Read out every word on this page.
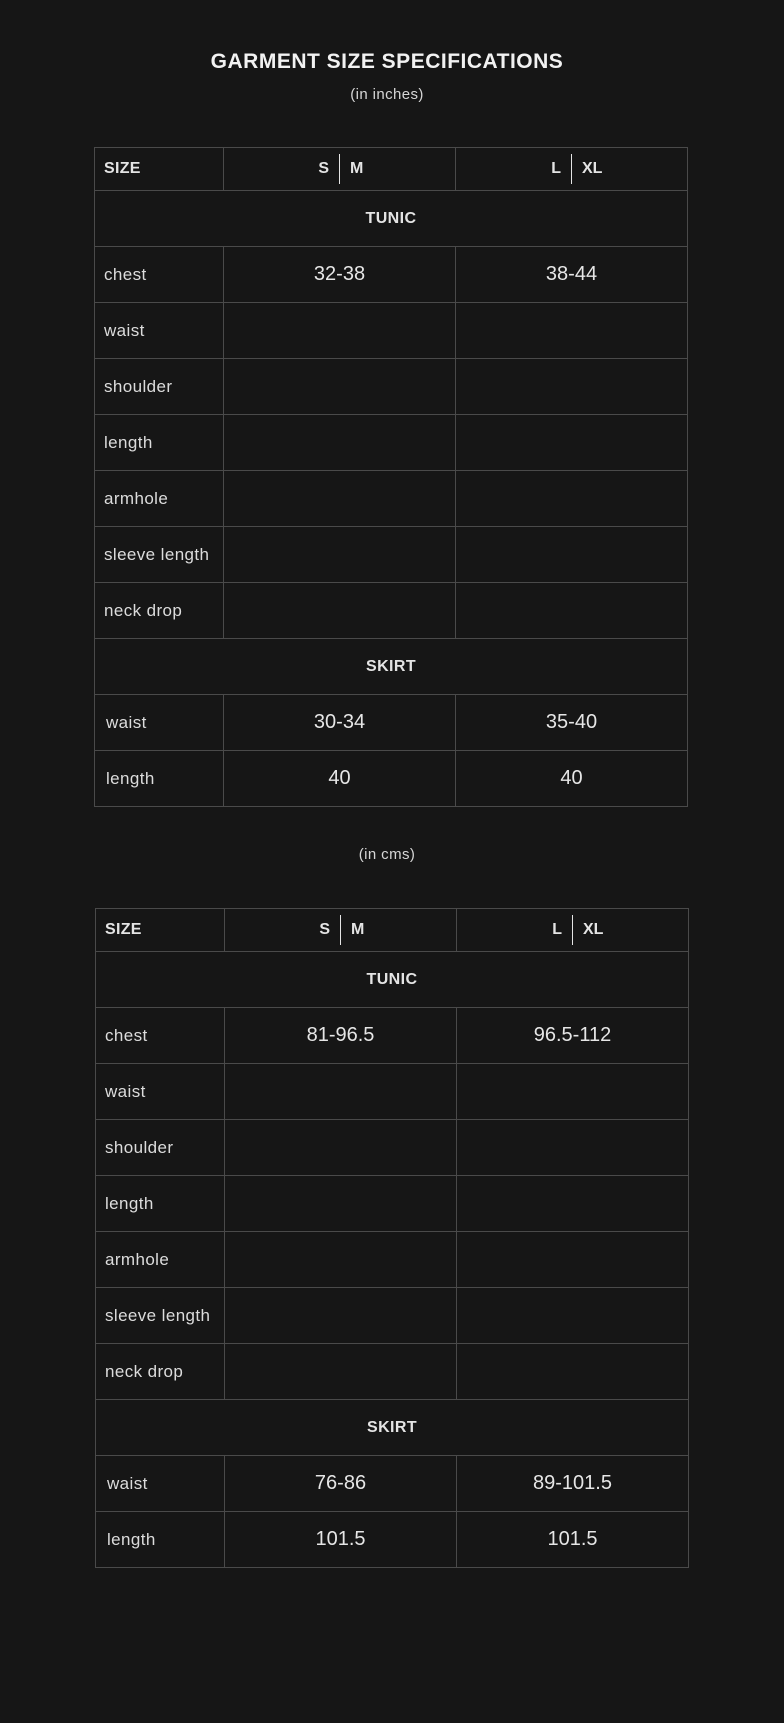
GARMENT SIZE SPECIFICATIONS
(in inches)
SIZE	S M	L XL

TUNIC		
chest	32-38	38-44
waist		
shoulder		
length		
armhole		
sleeve length		
neck drop		
SKIRT		
waist	30-34	35-40
length	40	40
(in cms)
SIZE	S M	L XL

TUNIC		
chest	81-96.5	96.5-112
waist		
shoulder		
length		
armhole		
sleeve length		
neck drop		
SKIRT		
waist	76-86	89-101.5
length	101.5	101.5
